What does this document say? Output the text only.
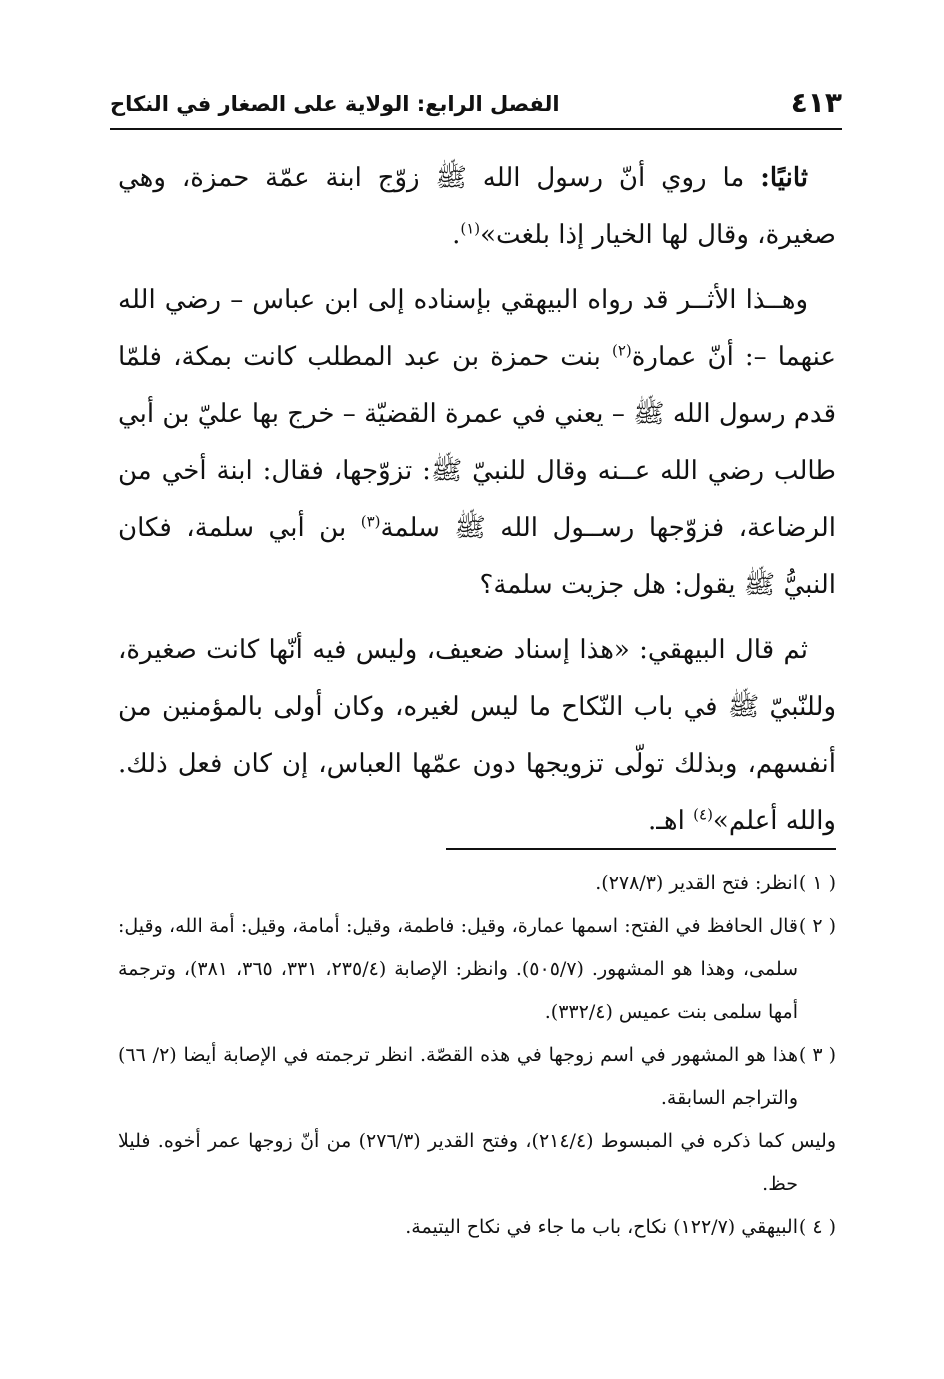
٤١٣
الفصل الرابع: الولاية على الصغار في النكاح

ثانيًا: ما روي أنّ رسول الله ﷺ زوّج ابنة عمّة حمزة، وهي صغيرة، وقال لها الخيار إذا بلغت»$^{(١)}$.

وهــذا الأثــر قد رواه البيهقي بإسناده إلى ابن عباس – رضي الله عنهما –: أنّ عمارة$^{(٢)}$ بنت حمزة بن عبد المطلب كانت بمكة، فلمّا قدم رسول الله ﷺ – يعني في عمرة القضيّة – خرج بها عليّ بن أبي طالب رضي الله عــنه وقال للنبيّ ﷺ: تزوّجها، فقال: ابنة أخي من الرضاعة، فزوّجها رســول الله ﷺ سلمة$^{(٣)}$ بن أبي سلمة، فكان النبيُّ ﷺ يقول: هل جزيت سلمة؟

ثم قال البيهقي: «هذا إسناد ضعيف، وليس فيه أنّها كانت صغيرة، وللنّبيّ ﷺ في باب النّكاح ما ليس لغيره، وكان أولى بالمؤمنين من أنفسهم، وبذلك تولّى تزويجها دون عمّها العباس، إن كان فعل ذلك. والله أعلم»$^{(٤)}$ اهـ.

( ١ )انظر: فتح القدير (٢٧٨/٣).

( ٢ )قال الحافظ في الفتح: اسمها عمارة، وقيل: فاطمة، وقيل: أمامة، وقيل: أمة الله، وقيل: سلمى، وهذا هو المشهور. (٥٠٥/٧). وانظر: الإصابة (٢٣٥/٤، ٣٣١، ٣٦٥، ٣٨١)، وترجمة أمها سلمى بنت عميس (٣٣٢/٤).

( ٣ )هذا هو المشهور في اسم زوجها في هذه القصّة. انظر ترجمته في الإصابة أيضا (٢/ ٦٦) والتراجم السابقة.

وليس كما ذكره في المبسوط (٢١٤/٤)، وفتح القدير (٢٧٦/٣) من أنّ زوجها عمر أخوه. فليلا حظ.

( ٤ )البيهقي (١٢٢/٧) نكاح، باب ما جاء في نكاح اليتيمة.
